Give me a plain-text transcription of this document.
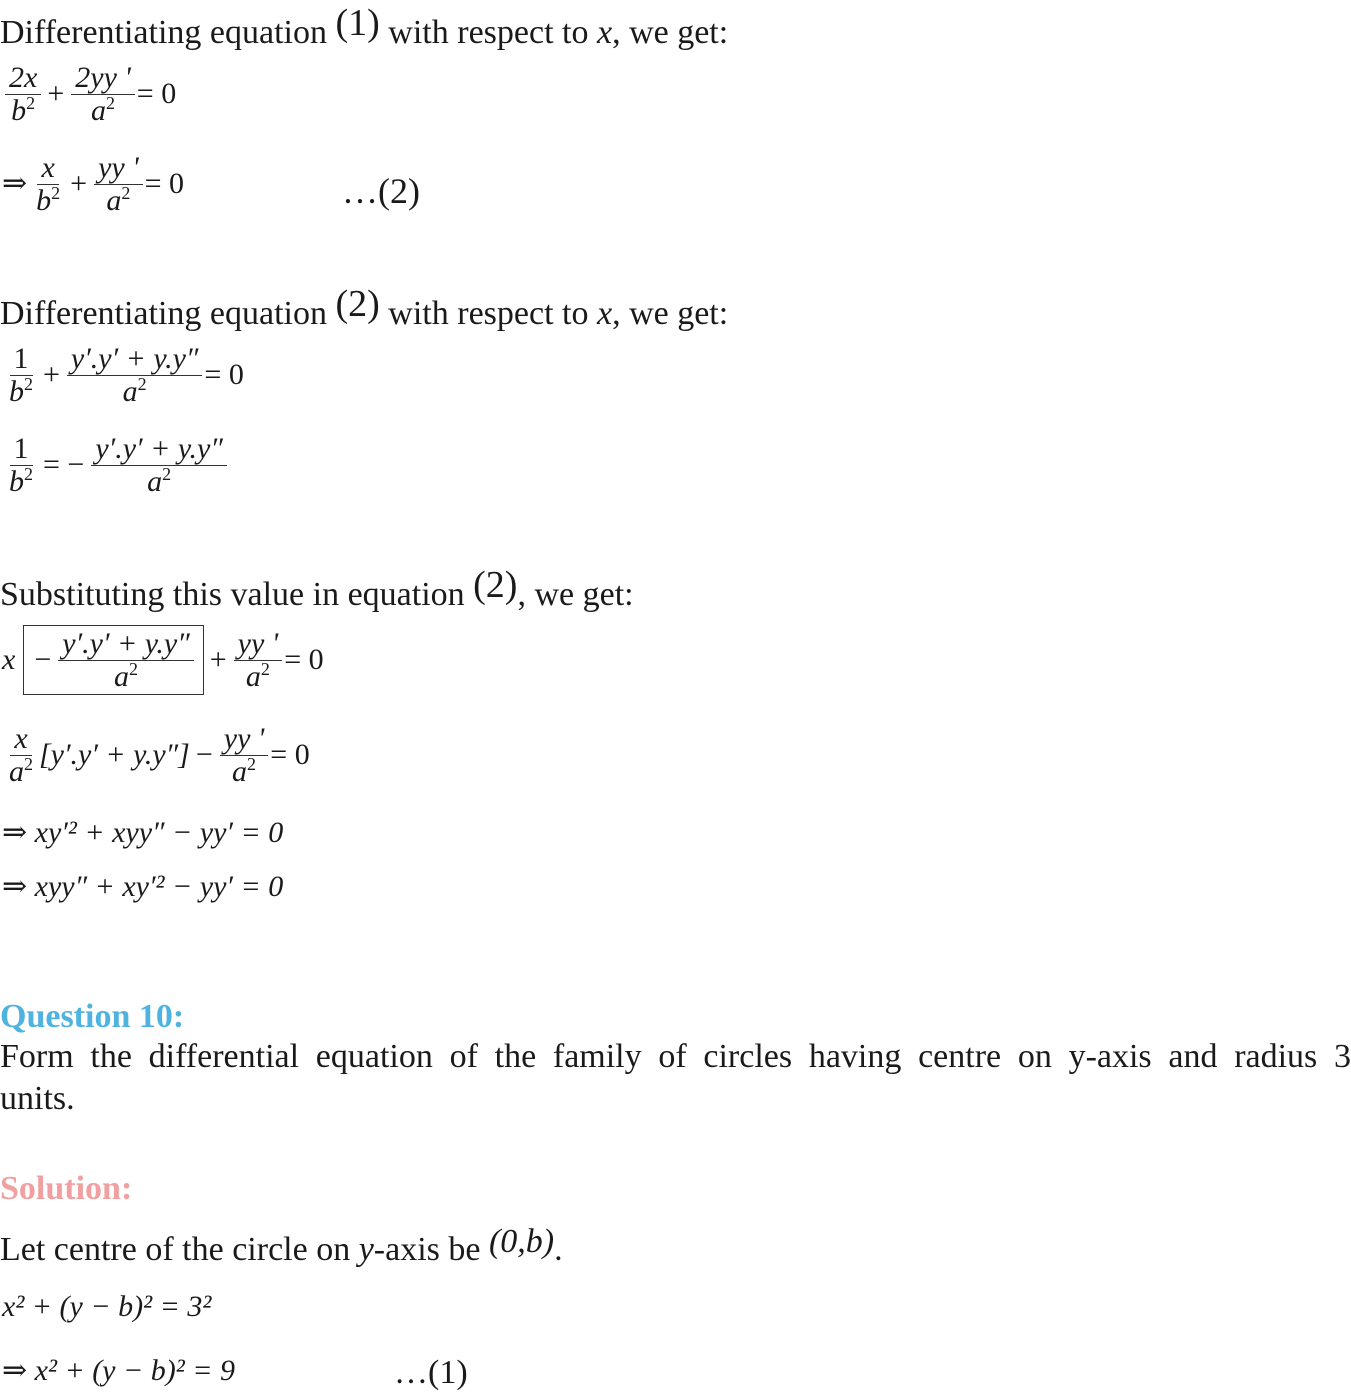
Differentiating equation (1) with respect to x, we get:
$\frac{2x}{b^2} + \frac{2yy '}{a^2} = 0$
⇒ $\frac{x}{b^2} + \frac{yy '}{a^2} = 0$	…(2)
Differentiating equation (2) with respect to x, we get:
$\frac{1}{b^2} + \frac{y'.y' + y.y''}{a^2} = 0$
$\frac{1}{b^2}$ = − $\frac{y'.y' + y.y''}{a^2}$
Substituting this value in equation (2), we get:
$x - \frac{y'.y' + y.y''}{a^2} + \frac{yy '}{a^2} = 0$
$\frac{x}{a^2} [y'.y' + y.y''] - \frac{yy '}{a^2} = 0$
⇒ xy′² + xyy″ − yy′ = 0
⇒ xyy″ + xy′² − yy′ = 0
Question 10:
Form the differential equation of the family of circles having centre on y-axis and radius 3
units.
Solution:
Let centre of the circle on y-axis be (0,b).
x² + (y − b)² = 3²
⇒ x² + (y − b)² = 9	…(1)
